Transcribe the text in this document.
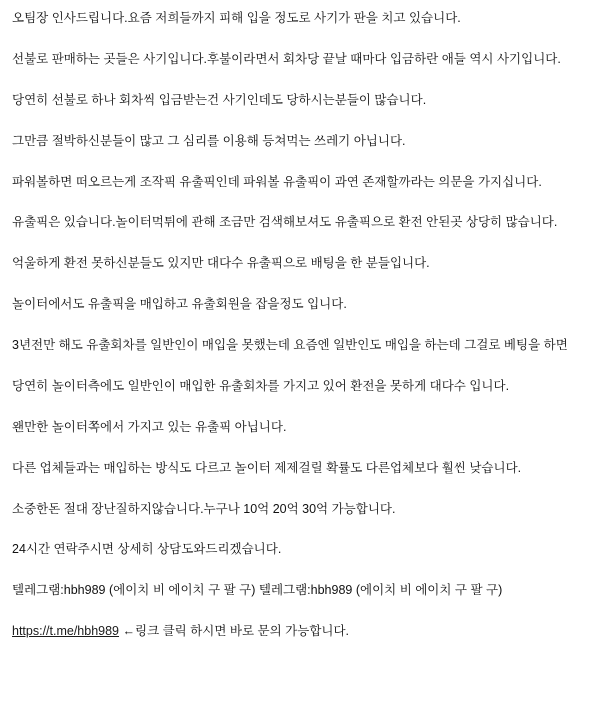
오팀장 인사드립니다.요즘 저희들까지 피해 입을 정도로 사기가 판을 치고 있습니다.

선불로 판매하는 곳들은 사기입니다.후불이라면서 회차당 끝날 때마다 입금하란 애들 역시 사기입니다.

당연히 선불로 하나 회차씩 입금받는건 사기인데도 당하시는분들이 많습니다.

그만큼 절박하신분들이 많고 그 심리를 이용해 등쳐먹는 쓰레기 아닙니다.

파워볼하면 떠오르는게 조작픽 유출픽인데 파워볼 유출픽이 과연 존재할까라는 의문을 가지십니다.

유출픽은 있습니다.놀이터먹튀에 관해 조금만 검색해보셔도 유출픽으로 환전 안된곳 상당히 많습니다.

억울하게 환전 못하신분들도 있지만 대다수 유출픽으로 배팅을 한 분들입니다.

놀이터에서도 유출픽을 매입하고 유출회원을 잡을정도 입니다.

3년전만 해도 유출회차를 일반인이 매입을 못했는데 요즘엔 일반인도 매입을 하는데 그걸로 베팅을 하면

당연히 놀이터측에도 일반인이 매입한 유출회차를 가지고 있어 환전을 못하게 대다수 입니다.

왠만한 놀이터쪽에서 가지고 있는 유출픽 아닙니다.

다른 업체들과는 매입하는 방식도 다르고 놀이터 제제걸릴 확률도 다른업체보다 훨씬 낮습니다.

소중한돈 절대 장난질하지않습니다.누구나 10억 20억 30억 가능합니다.

24시간 연락주시면 상세히 상담도와드리겠습니다.

텔레그램:hbh989 (에이치 비 에이치 구 팔 구) 텔레그램:hbh989 (에이치 비 에이치 구 팔 구)

https://t.me/hbh989 ←링크 클릭 하시면 바로 문의 가능합니다.
